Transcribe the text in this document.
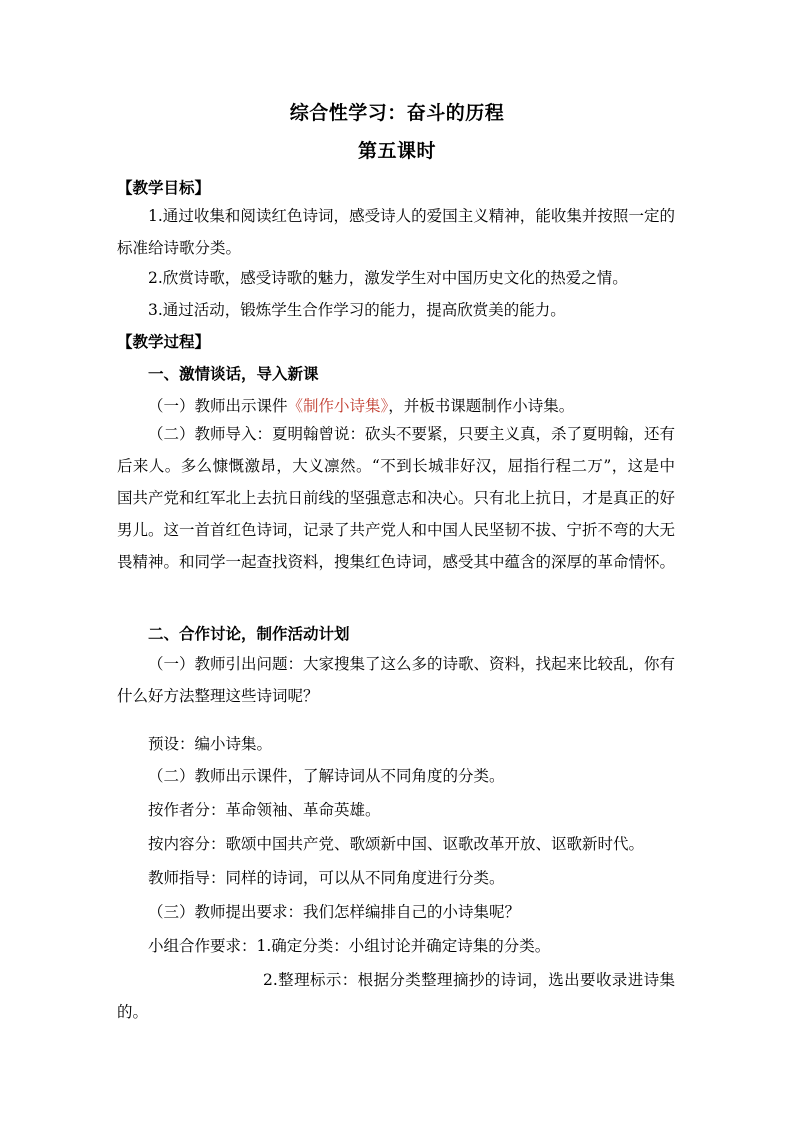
综合性学习：奋斗的历程
第五课时
【教学目标】
1.通过收集和阅读红色诗词，感受诗人的爱国主义精神，能收集并按照一定的标准给诗歌分类。
2.欣赏诗歌，感受诗歌的魅力，激发学生对中国历史文化的热爱之情。
3.通过活动，锻炼学生合作学习的能力，提高欣赏美的能力。
【教学过程】
一、激情谈话，导入新课
（一）教师出示课件《制作小诗集》，并板书课题制作小诗集。
（二）教师导入：夏明翰曾说：砍头不要紧，只要主义真，杀了夏明翰，还有后来人。多么慷慨激昂，大义凛然。“不到长城非好汉，屈指行程二万”，这是中国共产党和红军北上去抗日前线的坚强意志和决心。只有北上抗日，才是真正的好男儿。这一首首红色诗词，记录了共产党人和中国人民坚韧不拔、宁折不弯的大无畏精神。和同学一起查找资料，搜集红色诗词，感受其中蕴含的深厚的革命情怀。
二、合作讨论，制作活动计划
（一）教师引出问题：大家搜集了这么多的诗歌、资料，找起来比较乱，你有什么好方法整理这些诗词呢？
预设：编小诗集。
（二）教师出示课件，了解诗词从不同角度的分类。
按作者分：革命领袖、革命英雄。
按内容分：歌颂中国共产党、歌颂新中国、讴歌改革开放、讴歌新时代。
教师指导：同样的诗词，可以从不同角度进行分类。
（三）教师提出要求：我们怎样编排自己的小诗集呢？
小组合作要求：1.确定分类：小组讨论并确定诗集的分类。
2.整理标示：根据分类整理摘抄的诗词，选出要收录进诗集的。
